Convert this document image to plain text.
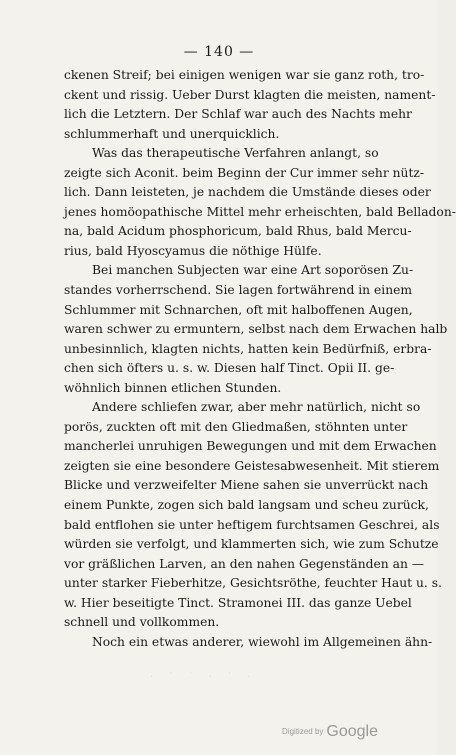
— 140 —
ckenen Streif; bei einigen wenigen war sie ganz roth, tro-
ckent und rissig. Ueber Durst klagten die meisten, nament-
lich die Letztern. Der Schlaf war auch des Nachts mehr
schlummerhaft und unerquicklich.
Was das therapeutische Verfahren anlangt, so
zeigte sich Aconit. beim Beginn der Cur immer sehr nütz-
lich. Dann leisteten, je nachdem die Umstände dieses oder
jenes homöopathische Mittel mehr erheischten, bald Belladon-
na, bald Acidum phosphoricum, bald Rhus, bald Mercu-
rius, bald Hyoscyamus die nöthige Hülfe.
Bei manchen Subjecten war eine Art soporösen Zu-
standes vorherrschend. Sie lagen fortwährend in einem
Schlummer mit Schnarchen, oft mit halboffenen Augen,
waren schwer zu ermuntern, selbst nach dem Erwachen halb
unbesinnlich, klagten nichts, hatten kein Bedürfniß, erbra-
chen sich öfters u. s. w. Diesen half Tinct. Opii II. ge-
wöhnlich binnen etlichen Stunden.
Andere schliefen zwar, aber mehr natürlich, nicht so
porös, zuckten oft mit den Gliedmaßen, stöhnten unter
mancherlei unruhigen Bewegungen und mit dem Erwachen
zeigten sie eine besondere Geistesabwesenheit. Mit stierem
Blicke und verzweifelter Miene sahen sie unverrückt nach
einem Punkte, zogen sich bald langsam und scheu zurück,
bald entflohen sie unter heftigem furchtsamen Geschrei, als
würden sie verfolgt, und klammerten sich, wie zum Schutze
vor gräßlichen Larven, an den nahen Gegenständen an —
unter starker Fieberhitze, Gesichtsröthe, feuchter Haut u. s.
w. Hier beseitigte Tinct. Stramonei III. das ganze Uebel
schnell und vollkommen.
Noch ein etwas anderer, wiewohl im Allgemeinen ähn-
· ˙ ˙ · ˙ ·
Digitized by Google
